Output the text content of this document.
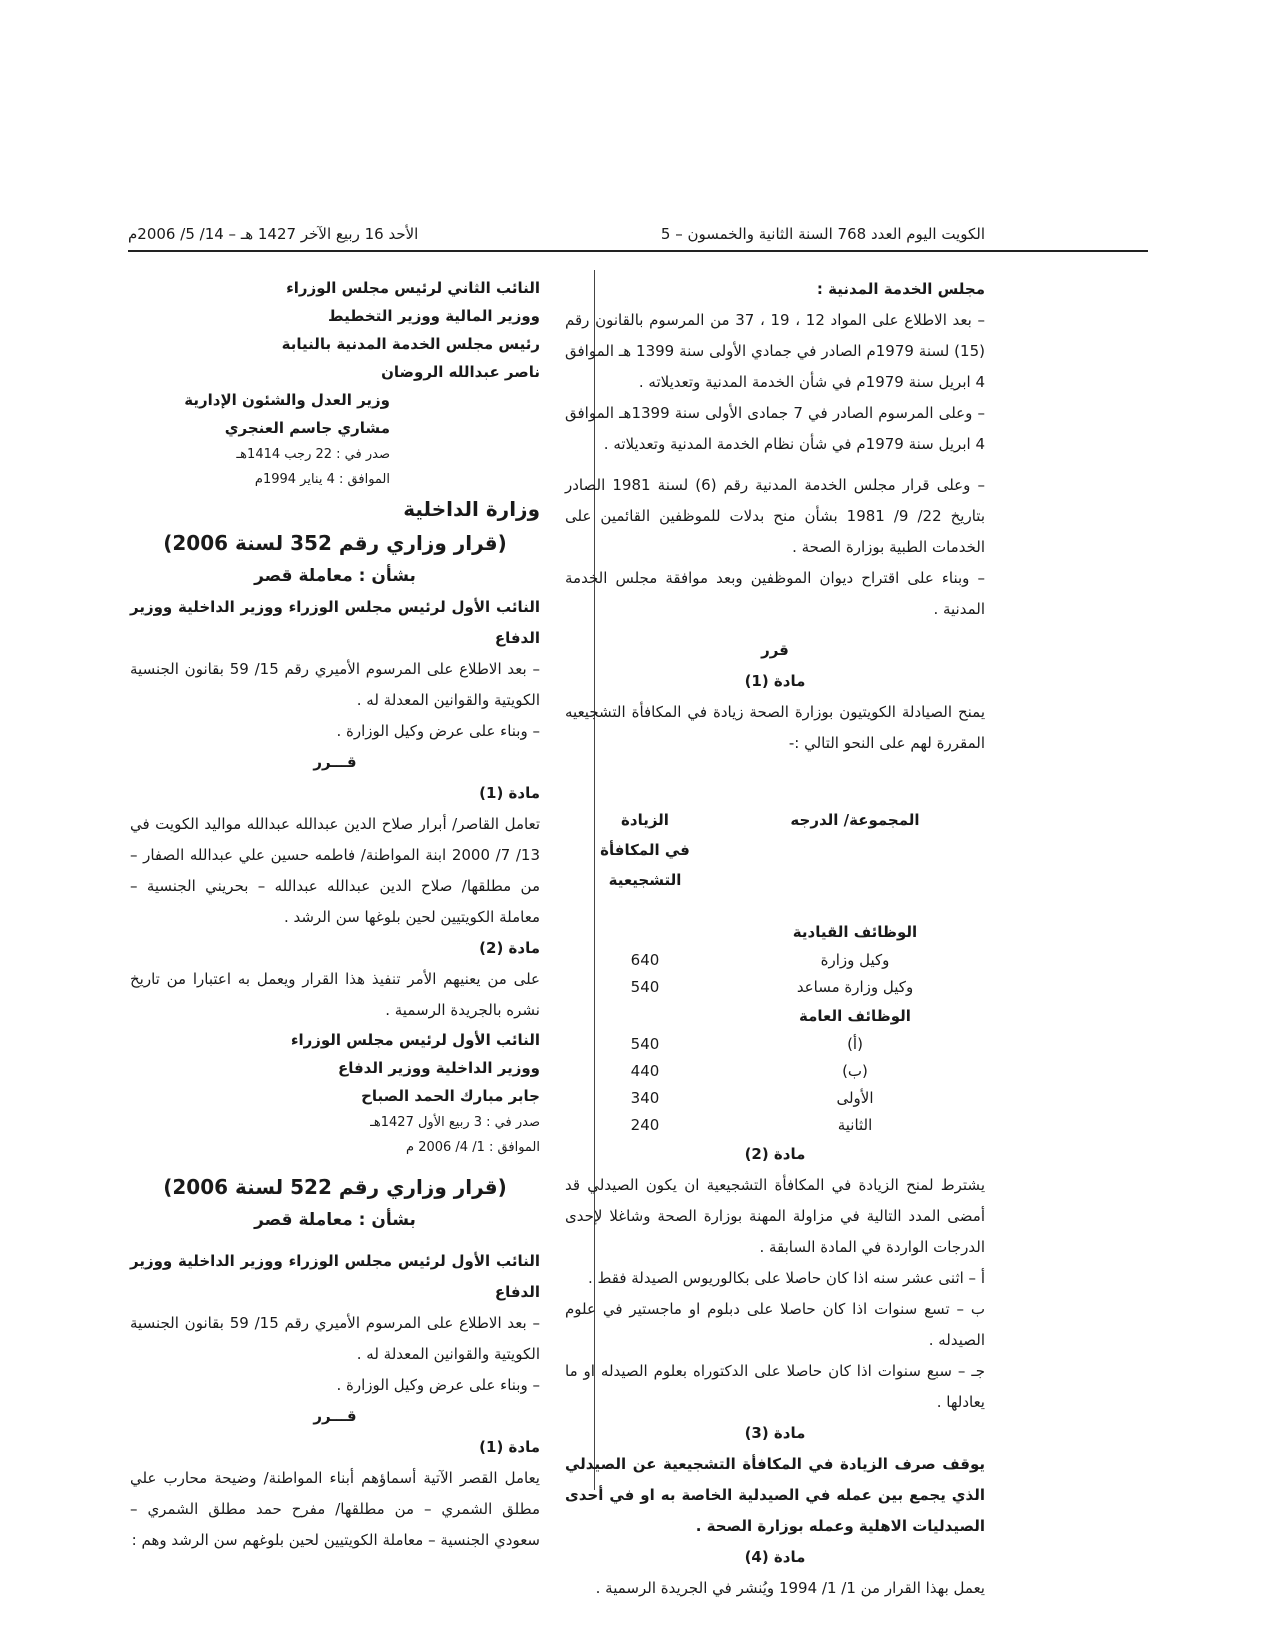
الكويت اليوم العدد 768 السنة الثانية والخمسون – 5
الأحد 16 ربيع الآخر 1427 هـ – 14/ 5/ 2006م

مجلس الخدمة المدنية :

– بعد الاطلاع على المواد 12 ، 19 ، 37 من المرسوم بالقانون رقم (15) لسنة 1979م الصادر في جمادي الأولى سنة 1399 هـ الموافق 4 ابريل سنة 1979م في شأن الخدمة المدنية وتعديلاته .

– وعلى المرسوم الصادر في 7 جمادى الأولى سنة 1399هـ الموافق 4 ابريل سنة 1979م في شأن نظام الخدمة المدنية وتعديلاته .

– وعلى قرار مجلس الخدمة المدنية رقم (6) لسنة 1981 الصادر بتاريخ 22/ 9/ 1981 بشأن منح بدلات للموظفين القائمين على الخدمات الطبية بوزارة الصحة .

– وبناء على اقتراح ديوان الموظفين وبعد موافقة مجلس الخدمة المدنية .

قرر

مادة (1)

يمنح الصيادلة الكويتيون بوزارة الصحة زيادة في المكافأة التشجيعيه المقررة لهم على النحو التالي :-

المجموعة/ الدرجه
الزيادة
في المكافأة التشجيعية
الوظائف القيادية
وكيل وزارة
640
وكيل وزارة مساعد
540
الوظائف العامة
(أ)
540
(ب)
440
الأولى
340
الثانية
240

مادة (2)

يشترط لمنح الزيادة في المكافأة التشجيعية ان يكون الصيدلي قد أمضى المدد التالية في مزاولة المهنة بوزارة الصحة وشاغلا لإحدى الدرجات الواردة في المادة السابقة .

أ – اثنى عشر سنه اذا كان حاصلا على بكالوريوس الصيدلة فقط .

ب – تسع سنوات اذا كان حاصلا على دبلوم او ماجستير في علوم الصيدله .

جـ – سبع سنوات اذا كان حاصلا على الدكتوراه بعلوم الصيدله او ما يعادلها .

مادة (3)

يوقف صرف الزيادة في المكافأة التشجيعية عن الصيدلي الذي يجمع بين عمله في الصيدلية الخاصة به او في أحدى الصيدليات الاهلية وعمله بوزارة الصحة .

مادة (4)

يعمل بهذا القرار من 1/ 1/ 1994 ويُنشر في الجريدة الرسمية .

النائب الثاني لرئيس مجلس الوزراء

ووزير المالية ووزير التخطيط

رئيس مجلس الخدمة المدنية بالنيابة

ناصر عبدالله الروضان

وزير العدل والشئون الإدارية

مشاري جاسم العنجري

صدر في : 22 رجب 1414هـ

الموافق : 4 يناير 1994م

وزارة الداخلية

(قرار وزاري رقم 352 لسنة 2006)

بشأن : معاملة قصر

النائب الأول لرئيس مجلس الوزراء ووزير الداخلية ووزير الدفاع

– بعد الاطلاع على المرسوم الأميري رقم 15/ 59 بقانون الجنسية الكويتية والقوانين المعدلة له .

– وبناء على عرض وكيل الوزارة .

قـــرر

مادة (1)

تعامل القاصر/ أبرار صلاح الدين عبدالله عبدالله مواليد الكويت في 13/ 7/ 2000 ابنة المواطنة/ فاطمه حسين علي عبدالله الصفار – من مطلقها/ صلاح الدين عبدالله عبدالله – بحريني الجنسية – معاملة الكويتيين لحين بلوغها سن الرشد .

مادة (2)

على من يعنيهم الأمر تنفيذ هذا القرار ويعمل به اعتبارا من تاريخ نشره بالجريدة الرسمية .

النائب الأول لرئيس مجلس الوزراء

ووزير الداخلية ووزير الدفاع

جابر مبارك الحمد الصباح

صدر في : 3 ربيع الأول 1427هـ

الموافق : 1/ 4/ 2006 م

(قرار وزاري رقم 522 لسنة 2006)

بشأن : معاملة قصر

النائب الأول لرئيس مجلس الوزراء ووزير الداخلية ووزير الدفاع

– بعد الاطلاع على المرسوم الأميري رقم 15/ 59 بقانون الجنسية الكويتية والقوانين المعدلة له .

– وبناء على عرض وكيل الوزارة .

قـــرر

مادة (1)

يعامل القصر الآتية أسماؤهم أبناء المواطنة/ وضيحة محارب علي مطلق الشمري – من مطلقها/ مفرح حمد مطلق الشمري – سعودي الجنسية – معاملة الكويتيين لحين بلوغهم سن الرشد وهم :
